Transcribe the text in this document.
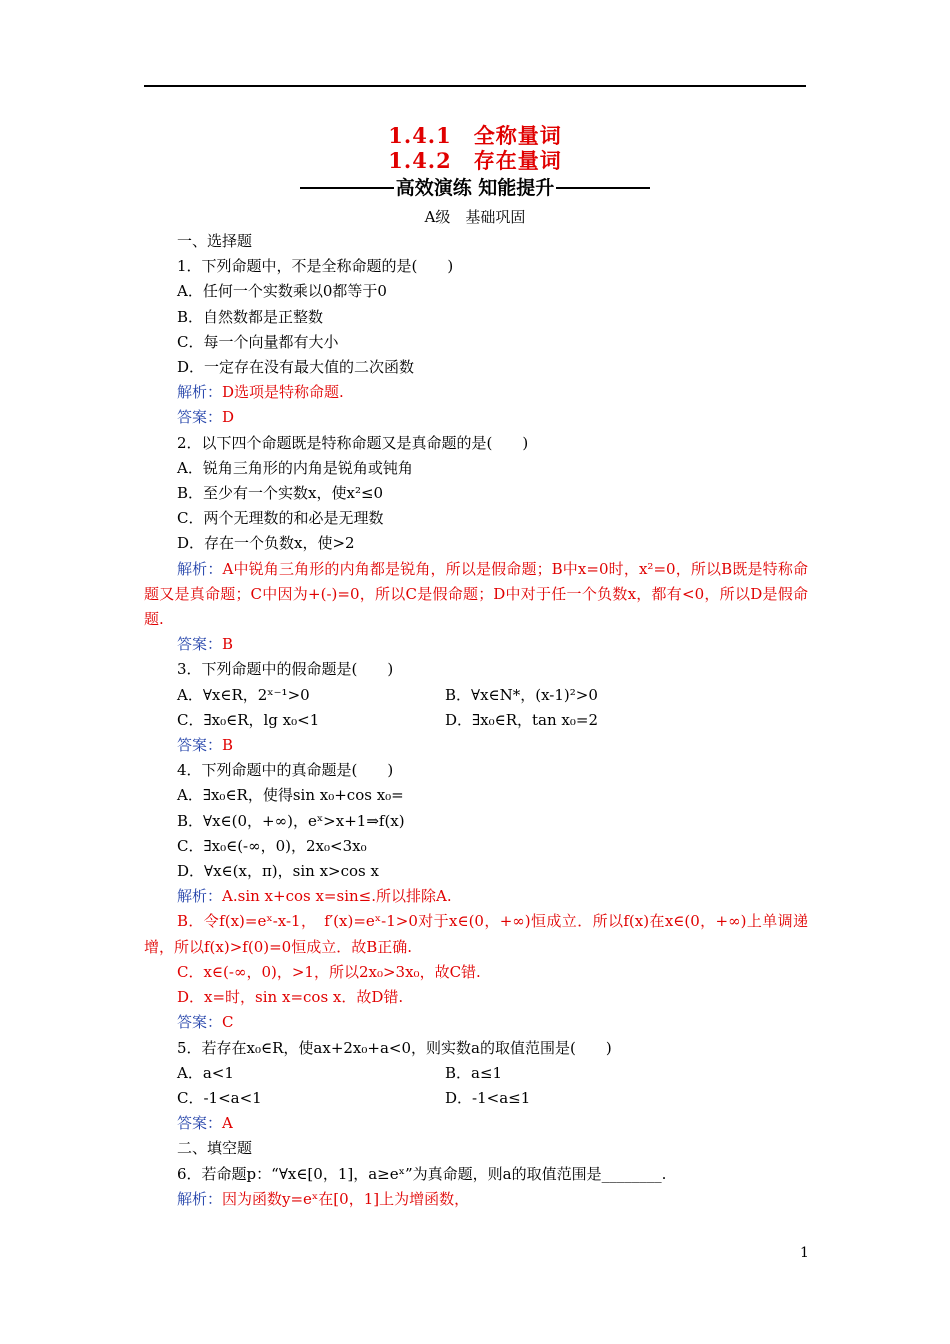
1.4.1　全称量词
1.4.2　存在量词
高效演练 知能提升
A级　基础巩固

一、选择题

1．下列命题中，不是全称命题的是(　　)

A．任何一个实数乘以0都等于0

B．自然数都是正整数

C．每一个向量都有大小

D．一定存在没有最大值的二次函数

解析：D选项是特称命题.

答案：D

2．以下四个命题既是特称命题又是真命题的是(　　)

A．锐角三角形的内角是锐角或钝角

B．至少有一个实数x，使x²≤0

C．两个无理数的和必是无理数

D．存在一个负数x，使>2

解析：A中锐角三角形的内角都是锐角，所以是假命题；B中x=0时，x²=0，所以B既是特称命题又是真命题；C中因为+(-)=0，所以C是假命题；D中对于任一个负数x，都有<0，所以D是假命题.

答案：B

3．下列命题中的假命题是(　　)

A．∀x∈R，2ˣ⁻¹>0	B．∀x∈N*，(x-1)²>0
C．∃x₀∈R，lg x₀<1	D．∃x₀∈R，tan x₀=2

答案：B

4．下列命题中的真命题是(　　)

A．∃x₀∈R，使得sin x₀+cos x₀=

B．∀x∈(0，+∞)，eˣ>x+1⇒f(x)

C．∃x₀∈(-∞，0)，2x₀<3x₀

D．∀x∈(x，π)，sin x>cos x

解析：A.sin x+cos x=sin≤.所以排除A.

B．令f(x)=eˣ-x-1，　f′(x)=eˣ-1>0对于x∈(0，+∞)恒成立．所以f(x)在x∈(0，+∞)上单调递增，所以f(x)>f(0)=0恒成立．故B正确.

C．x∈(-∞，0)，>1，所以2x₀>3x₀，故C错.

D．x=时，sin x=cos x．故D错.

答案：C

5．若存在x₀∈R，使ax+2x₀+a<0，则实数a的取值范围是(　　)

A．a<1	B．a≤1
C．-1<a<1	D．-1<a≤1

答案：A

二、填空题

6．若命题p：“∀x∈[0，1]，a≥eˣ”为真命题，则a的取值范围是________.

解析：因为函数y=eˣ在[0，1]上为增函数，

1
